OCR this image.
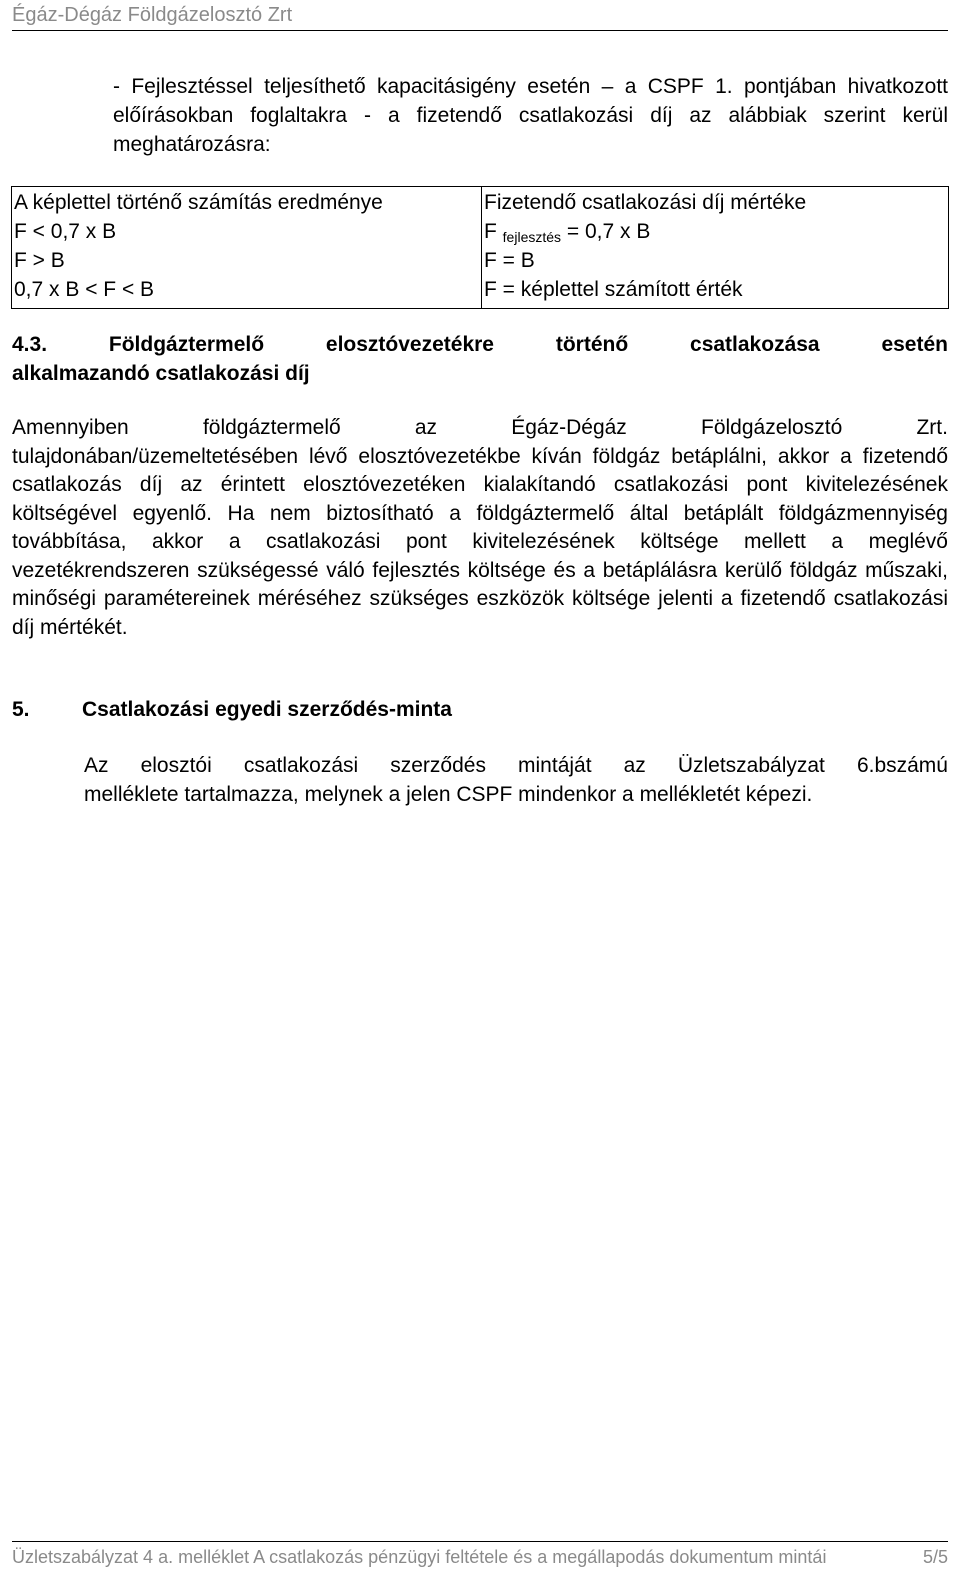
Égáz-Dégáz Földgázelosztó Zrt
- Fejlesztéssel teljesíthető kapacitásigény esetén – a CSPF 1. pontjában hivatkozott előírásokban foglaltakra - a fizetendő csatlakozási díj az alábbiak szerint kerül meghatározásra:
A képlettel történő számítás eredménye	Fizetendő csatlakozási díj mértéke
F < 0,7 x B	F $_{fejlesztés}$ = 0,7 x B
F > B	F = B
0,7 x B < F < B	F = képlettel számított érték
4.3.	Földgáztermelő	elosztóvezetékre	történő	csatlakozása	esetén
alkalmazandó csatlakozási díj
Amennyiben	földgáztermelő	az	Égáz-Dégáz	Földgázelosztó	Zrt.
tulajdonában/üzemeltetésében lévő elosztóvezetékbe kíván földgáz betáplálni, akkor a fizetendő csatlakozás díj az érintett elosztóvezetéken kialakítandó csatlakozási pont kivitelezésének költségével egyenlő. Ha nem biztosítható a földgáztermelő által betáplált földgázmennyiség továbbítása, akkor a csatlakozási pont kivitelezésének költsége mellett a meglévő vezetékrendszeren szükségessé váló fejlesztés költsége és a betáplálásra kerülő földgáz műszaki, minőségi paramétereinek méréséhez szükséges eszközök költsége jelenti a fizetendő csatlakozási díj mértékét.
5. Csatlakozási egyedi szerződés-minta
Az elosztói csatlakozási szerződés mintáját az Üzletszabályzat 6.bszámú
melléklete tartalmazza, melynek a jelen CSPF mindenkor a mellékletét képezi.
Üzletszabályzat 4 a. melléklet A csatlakozás pénzügyi feltétele és a megállapodás dokumentum mintái	5/5
